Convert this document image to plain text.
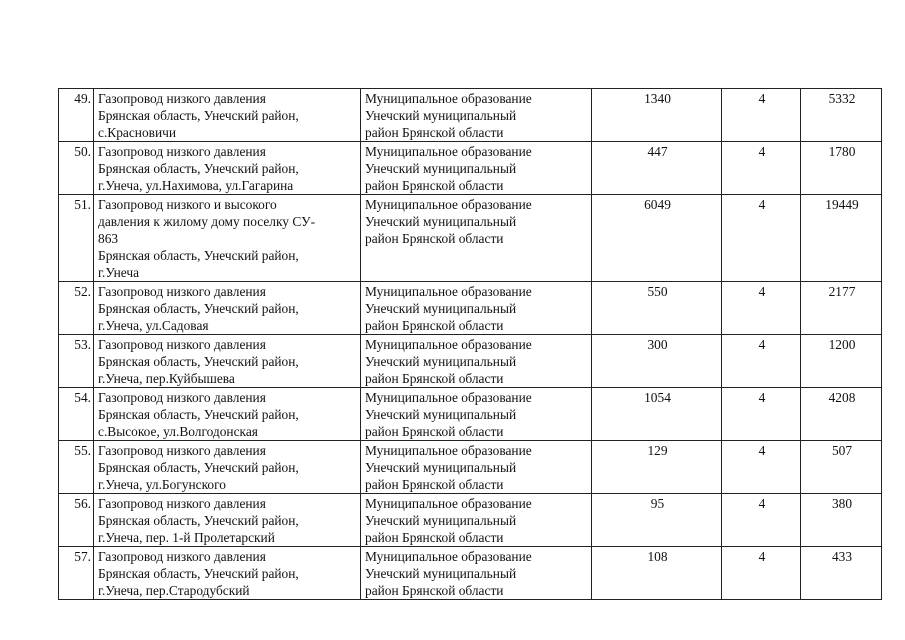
49.	Газопровод низкого давления
Брянская область, Унечский район,
с.Красновичи	Муниципальное образование
Унечский муниципальный
район Брянской области	1340	4	5332
50.	Газопровод низкого давления
Брянская область, Унечский район,
г.Унеча, ул.Нахимова, ул.Гагарина	Муниципальное образование
Унечский муниципальный
район Брянской области	447	4	1780
51.	Газопровод низкого и высокого
давления к жилому дому поселку СУ-
863
Брянская область, Унечский район,
г.Унеча	Муниципальное образование
Унечский муниципальный
район Брянской области	6049	4	19449
52.	Газопровод низкого давления
Брянская область, Унечский район,
г.Унеча, ул.Садовая	Муниципальное образование
Унечский муниципальный
район Брянской области	550	4	2177
53.	Газопровод низкого давления
Брянская область, Унечский район,
г.Унеча, пер.Куйбышева	Муниципальное образование
Унечский муниципальный
район Брянской области	300	4	1200
54.	Газопровод низкого давления
Брянская область, Унечский район,
с.Высокое, ул.Волгодонская	Муниципальное образование
Унечский муниципальный
район Брянской области	1054	4	4208
55.	Газопровод низкого давления
Брянская область, Унечский район,
г.Унеча, ул.Богунского	Муниципальное образование
Унечский муниципальный
район Брянской области	129	4	507
56.	Газопровод низкого давления
Брянская область, Унечский район,
г.Унеча, пер. 1-й Пролетарский	Муниципальное образование
Унечский муниципальный
район Брянской области	95	4	380
57.	Газопровод низкого давления
Брянская область, Унечский район,
г.Унеча, пер.Стародубский	Муниципальное образование
Унечский муниципальный
район Брянской области	108	4	433
